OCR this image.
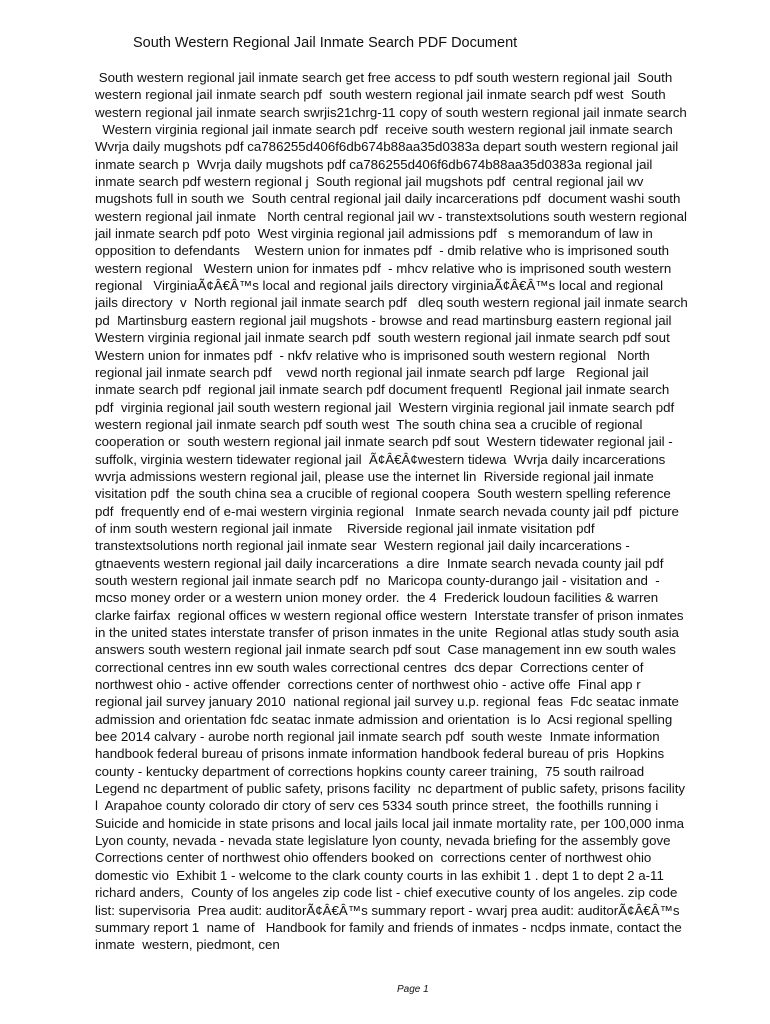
South Western Regional Jail Inmate Search PDF Document
South western regional jail inmate search get free access to pdf south western regional jail  South
western regional jail inmate search pdf  south western regional jail inmate search pdf west  South
western regional jail inmate search swrjis21chrg-11 copy of south western regional jail inmate search
Western virginia regional jail inmate search pdf  receive south western regional jail inmate search
Wvrja daily mugshots pdf ca786255d406f6db674b88aa35d0383a depart south western regional jail
inmate search p  Wvrja daily mugshots pdf ca786255d406f6db674b88aa35d0383a regional jail
inmate search pdf western regional j  South regional jail mugshots pdf  central regional jail wv
mugshots full in south we  South central regional jail daily incarcerations pdf  document washi south
western regional jail inmate   North central regional jail wv - transtextsolutions south western regional
jail inmate search pdf poto  West virginia regional jail admissions pdf   s memorandum of law in
opposition to defendants    Western union for inmates pdf  - dmib relative who is imprisoned south
western regional   Western union for inmates pdf  - mhcv relative who is imprisoned south western
regional   VirginiaÃ¢Â€Â™s local and regional jails directory virginiaÃ¢Â€Â™s local and regional
jails directory  v  North regional jail inmate search pdf   dleq south western regional jail inmate search
pd  Martinsburg eastern regional jail mugshots - browse and read martinsburg eastern regional jail
Western virginia regional jail inmate search pdf  south western regional jail inmate search pdf sout
Western union for inmates pdf  - nkfv relative who is imprisoned south western regional   North
regional jail inmate search pdf    vewd north regional jail inmate search pdf large   Regional jail
inmate search pdf  regional jail inmate search pdf document frequentl  Regional jail inmate search
pdf  virginia regional jail south western regional jail  Western virginia regional jail inmate search pdf
western regional jail inmate search pdf south west  The south china sea a crucible of regional
cooperation or  south western regional jail inmate search pdf sout  Western tidewater regional jail -
suffolk, virginia western tidewater regional jail  Ã¢Â€Â¢western tidewa  Wvrja daily incarcerations
wvrja admissions western regional jail, please use the internet lin  Riverside regional jail inmate
visitation pdf  the south china sea a crucible of regional coopera  South western spelling reference
pdf  frequently end of e-mai western virginia regional   Inmate search nevada county jail pdf  picture
of inm south western regional jail inmate    Riverside regional jail inmate visitation pdf
transtextsolutions north regional jail inmate sear  Western regional jail daily incarcerations -
gtnaevents western regional jail daily incarcerations  a dire  Inmate search nevada county jail pdf
south western regional jail inmate search pdf  no  Maricopa county-durango jail - visitation and  -
mcso money order or a western union money order.  the 4  Frederick loudoun facilities & warren
clarke fairfax  regional offices w western regional office western  Interstate transfer of prison inmates
in the united states interstate transfer of prison inmates in the unite  Regional atlas study south asia
answers south western regional jail inmate search pdf sout  Case management inn ew south wales
correctional centres inn ew south wales correctional centres  dcs depar  Corrections center of
northwest ohio - active offender  corrections center of northwest ohio - active offe  Final app r
regional jail survey january 2010  national regional jail survey u.p. regional  feas  Fdc seatac inmate
admission and orientation fdc seatac inmate admission and orientation  is lo  Acsi regional spelling
bee 2014 calvary - aurobe north regional jail inmate search pdf  south weste  Inmate information
handbook federal bureau of prisons inmate information handbook federal bureau of pris  Hopkins
county - kentucky department of corrections hopkins county career training,  75 south railroad
Legend nc department of public safety, prisons facility  nc department of public safety, prisons facility
l  Arapahoe county colorado dir ctory of serv ces 5334 south prince street,  the foothills running i
Suicide and homicide in state prisons and local jails local jail inmate mortality rate, per 100,000 inma
Lyon county, nevada - nevada state legislature lyon county, nevada briefing for the assembly gove
Corrections center of northwest ohio offenders booked on  corrections center of northwest ohio
domestic vio  Exhibit 1 - welcome to the clark county courts in las exhibit 1 . dept 1 to dept 2 a-11
richard anders,  County of los angeles zip code list - chief executive county of los angeles. zip code
list: supervisoria  Prea audit: auditorÃ¢Â€Â™s summary report - wvarj prea audit: auditorÃ¢Â€Â™s
summary report 1  name of   Handbook for family and friends of inmates - ncdps inmate, contact the
inmate  western, piedmont, cen
Page 1
